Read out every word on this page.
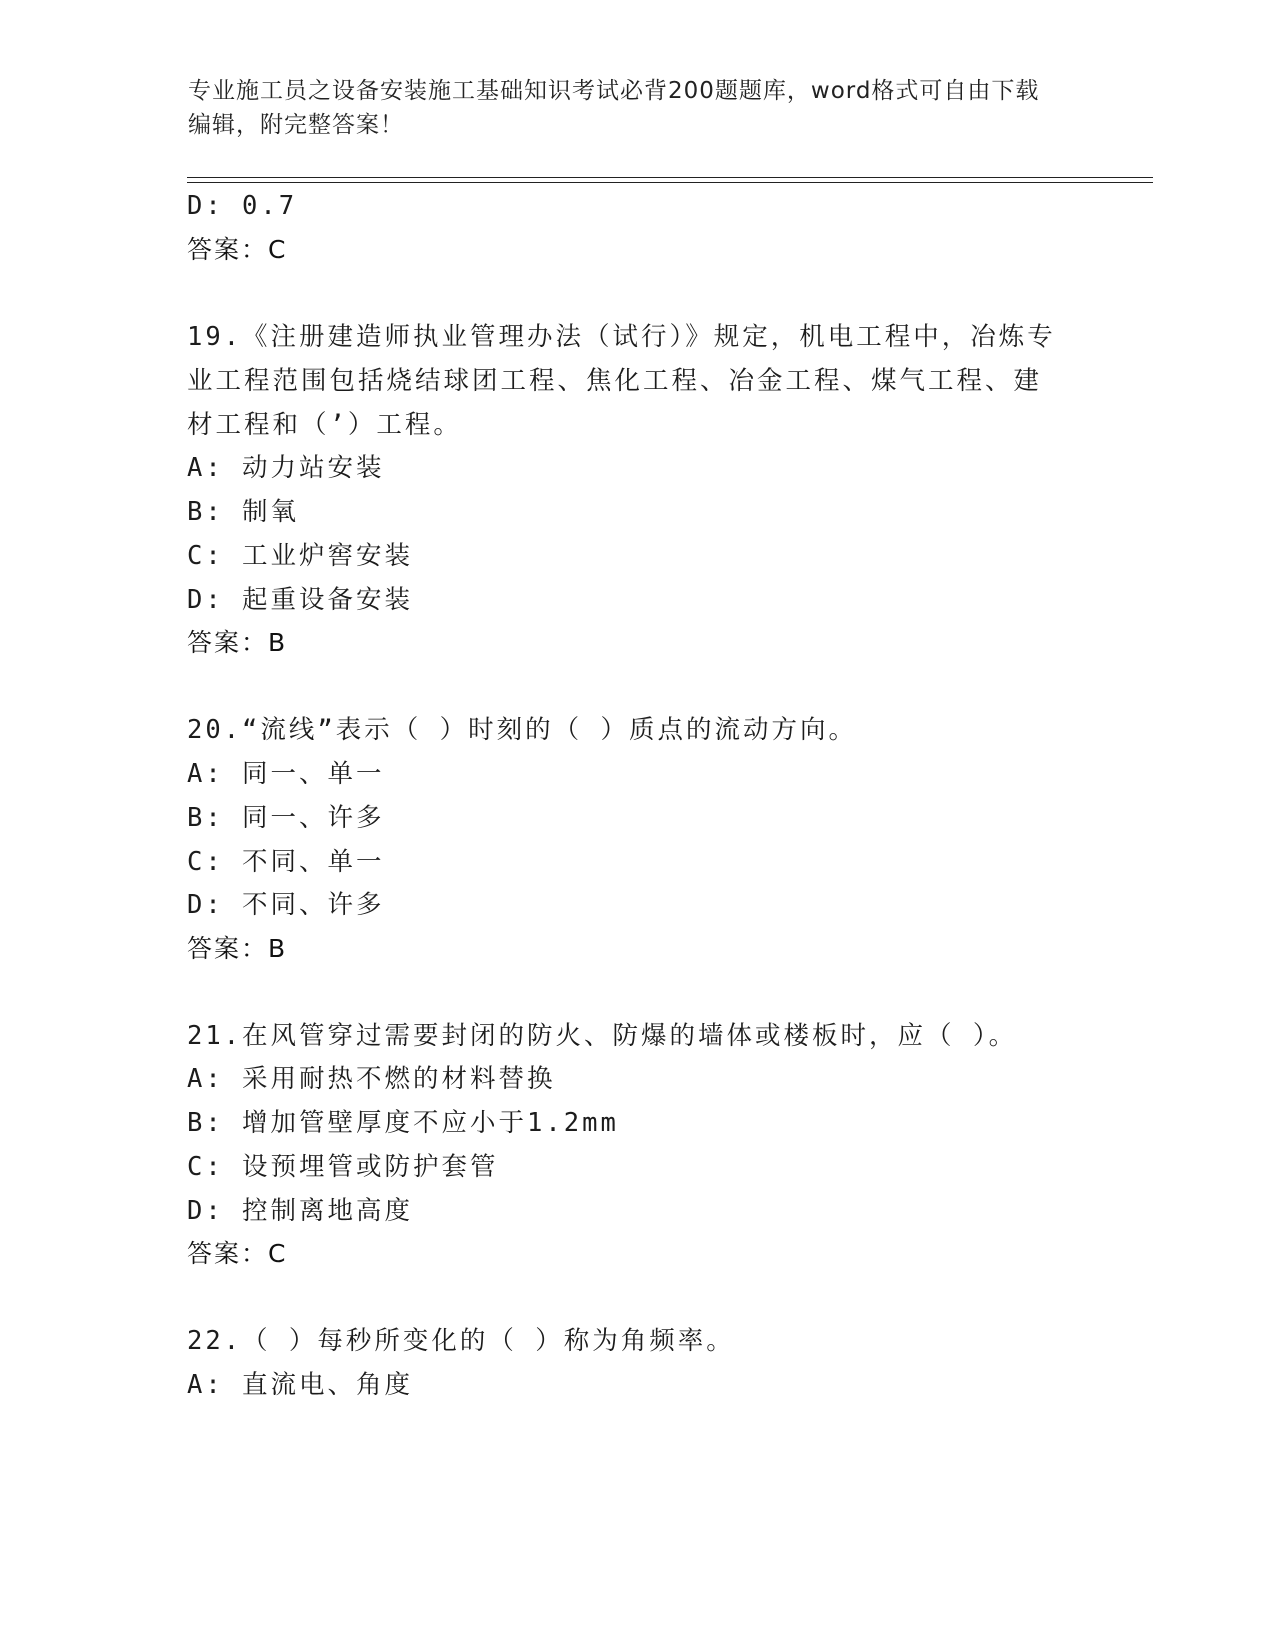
专业施工员之设备安装施工基础知识考试必背200题题库，word格式可自由下载
编辑，附完整答案！
D: 0.7
答案：C
19.《注册建造师执业管理办法（试行）》规定，机电工程中，冶炼专
业工程范围包括烧结球团工程、焦化工程、冶金工程、煤气工程、建
材工程和（’）工程。
A: 动力站安装
B: 制氧
C: 工业炉窖安装
D: 起重设备安装
答案：B
20.“流线”表示（ ）时刻的（ ）质点的流动方向。
A: 同一、单一
B: 同一、许多
C: 不同、单一
D: 不同、许多
答案：B
21.在风管穿过需要封闭的防火、防爆的墙体或楼板时，应（ ）。
A: 采用耐热不燃的材料替换
B: 增加管壁厚度不应小于1.2mm
C: 设预埋管或防护套管
D: 控制离地高度
答案：C
22.（ ）每秒所变化的（ ）称为角频率。
A: 直流电、角度
